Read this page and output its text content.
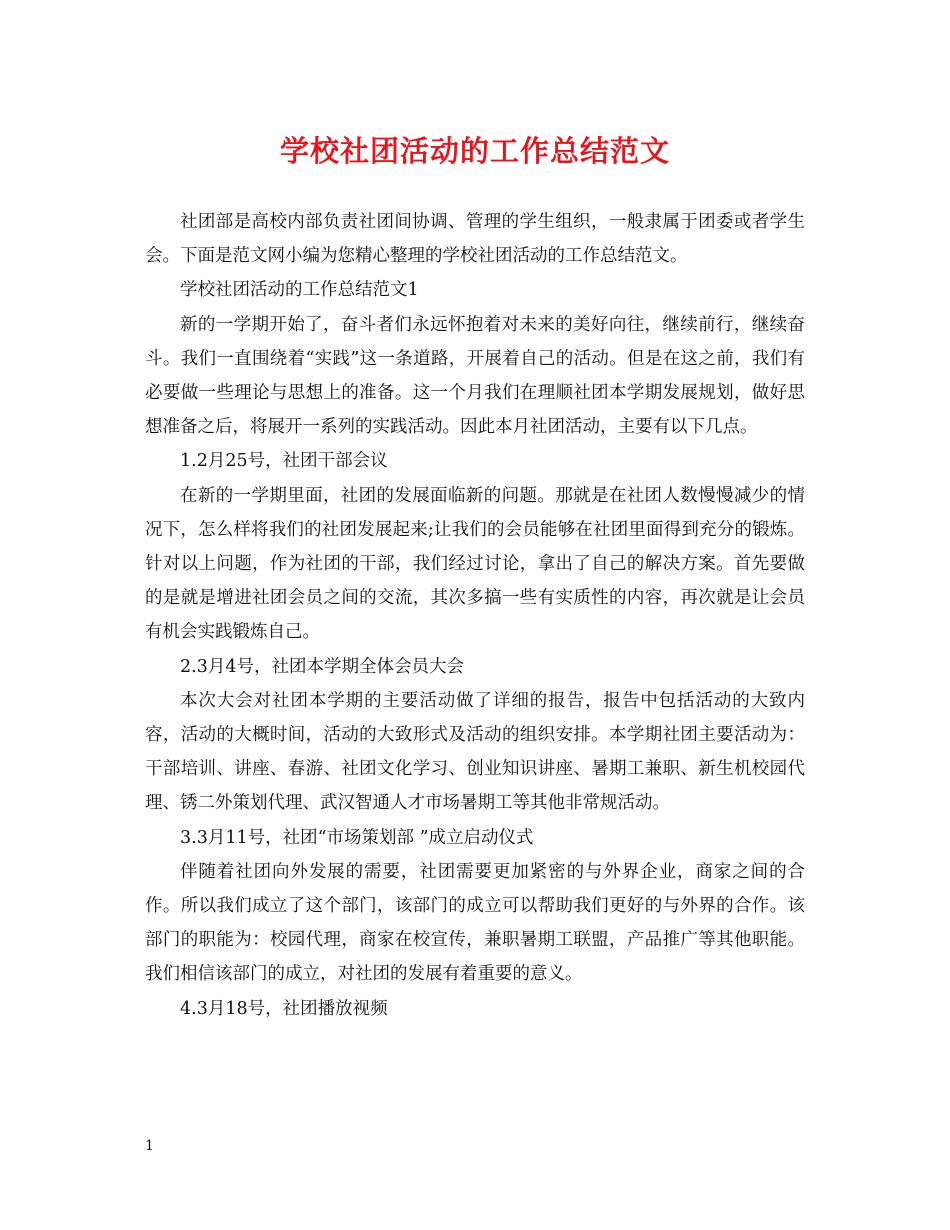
学校社团活动的工作总结范文

社团部是高校内部负责社团间协调、管理的学生组织，一般隶属于团委或者学生会。下面是范文网小编为您精心整理的学校社团活动的工作总结范文。

学校社团活动的工作总结范文1

新的一学期开始了，奋斗者们永远怀抱着对未来的美好向往，继续前行，继续奋斗。我们一直围绕着“实践”这一条道路，开展着自己的活动。但是在这之前，我们有必要做一些理论与思想上的准备。这一个月我们在理顺社团本学期发展规划，做好思想准备之后，将展开一系列的实践活动。因此本月社团活动，主要有以下几点。

1.2月25号，社团干部会议

在新的一学期里面，社团的发展面临新的问题。那就是在社团人数慢慢减少的情况下，怎么样将我们的社团发展起来;让我们的会员能够在社团里面得到充分的锻炼。针对以上问题，作为社团的干部，我们经过讨论，拿出了自己的解决方案。首先要做的是就是增进社团会员之间的交流，其次多搞一些有实质性的内容，再次就是让会员有机会实践锻炼自己。

2.3月4号，社团本学期全体会员大会

本次大会对社团本学期的主要活动做了详细的报告，报告中包括活动的大致内容，活动的大概时间，活动的大致形式及活动的组织安排。本学期社团主要活动为：干部培训、讲座、春游、社团文化学习、创业知识讲座、暑期工兼职、新生机校园代理、锈二外策划代理、武汉智通人才市场暑期工等其他非常规活动。

3.3月11号，社团“市场策划部 ”成立启动仪式

伴随着社团向外发展的需要，社团需要更加紧密的与外界企业，商家之间的合作。所以我们成立了这个部门，该部门的成立可以帮助我们更好的与外界的合作。该部门的职能为：校园代理，商家在校宣传，兼职暑期工联盟，产品推广等其他职能。我们相信该部门的成立，对社团的发展有着重要的意义。

4.3月18号，社团播放视频

1
